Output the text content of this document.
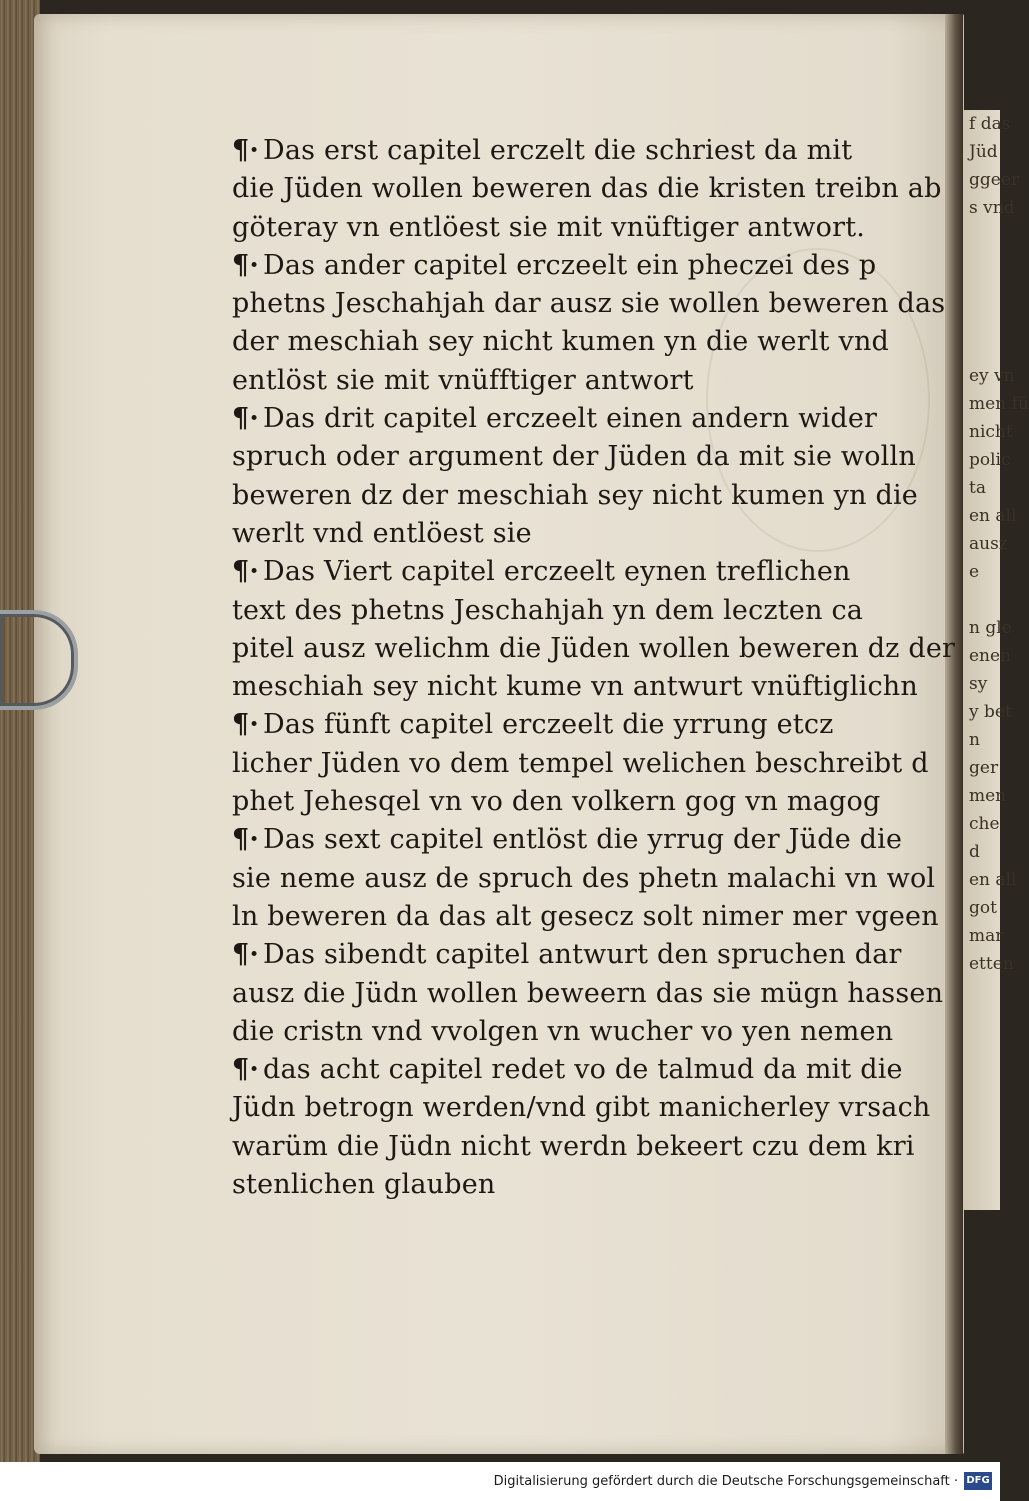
f das
Jüd
ggeer
s vnd

ey vn
men fü
nicht
polic
ta
en all
ausz
e

n gle
enen
sy
y bet
n
ger
men
che
d
en all
got
mar
etten
¶· Das erst capitel erczelt die schriest da mit
die Jüden wollen beweren das die kristen treibn ab
göteray vn entlöest sie mit vnüftiger antwort.
¶· Das ander capitel erczeelt ein pheczei des p
phetns Jeschahjah dar ausz sie wollen beweren das
der meschiah sey nicht kumen yn die werlt vnd
entlöst sie mit vnüfftiger antwort
¶· Das drit capitel erczeelt einen andern wider
spruch oder argument der Jüden da mit sie wolln
beweren dz der meschiah sey nicht kumen yn die
werlt vnd entlöest sie
¶· Das Viert capitel erczeelt eynen treflichen
text des phetns Jeschahjah yn dem leczten ca
pitel ausz welichm die Jüden wollen beweren dz der
meschiah sey nicht kume vn antwurt vnüftiglichn
¶· Das fünft capitel erczeelt die yrrung etcz
licher Jüden vo dem tempel welichen beschreibt d
phet Jehesqel vn vo den volkern gog vn magog
¶· Das sext capitel entlöst die yrrug der Jüde die
sie neme ausz de spruch des phetn malachi vn wol
ln beweren da das alt gesecz solt nimer mer vgeen
¶· Das sibendt capitel antwurt den spruchen dar
ausz die Jüdn wollen beweern das sie mügn hassen
die cristn vnd vvolgen vn wucher vo yen nemen
¶· das acht capitel redet vo de talmud da mit die
Jüdn betrogn werden/vnd gibt manicherley vrsach
warüm die Jüdn nicht werdn bekeert czu dem kri
stenlichen glauben
Digitalisierung gefördert durch die Deutsche Forschungsgemeinschaft · DFG
